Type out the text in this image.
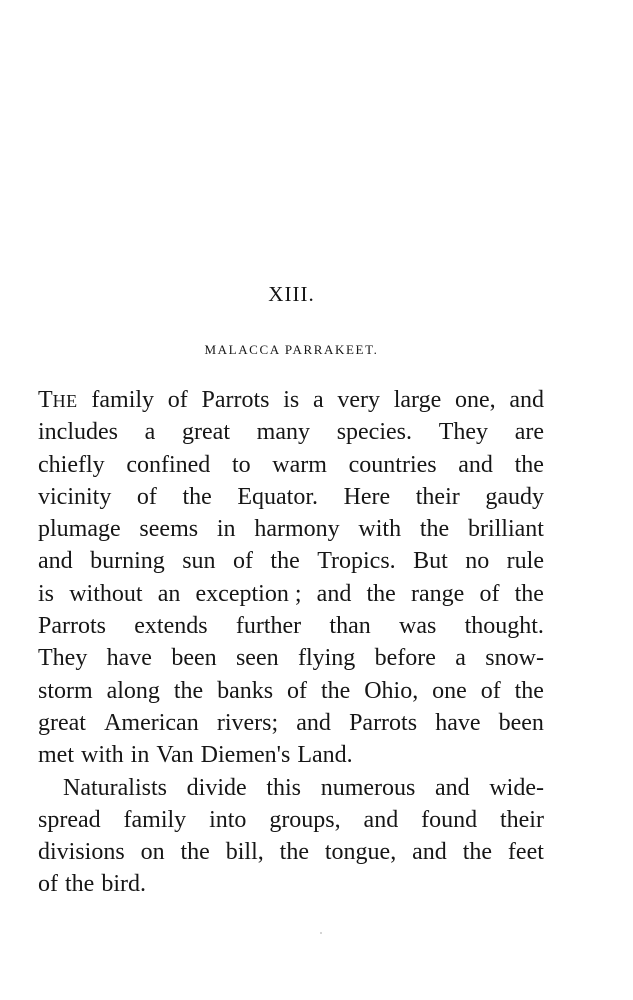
XIII.
MALACCA PARRAKEET.
THE family of Parrots is a very large one, and
includes a great many species. They are
chiefly confined to warm countries and the
vicinity of the Equator. Here their gaudy
plumage seems in harmony with the brilliant
and burning sun of the Tropics. But no rule
is without an exception ; and the range of the
Parrots extends further than was thought.
They have been seen flying before a snow-
storm along the banks of the Ohio, one of the
great American rivers; and Parrots have been
met with in Van Diemen's Land.
Naturalists divide this numerous and wide-
spread family into groups, and found their
divisions on the bill, the tongue, and the feet
of the bird.
